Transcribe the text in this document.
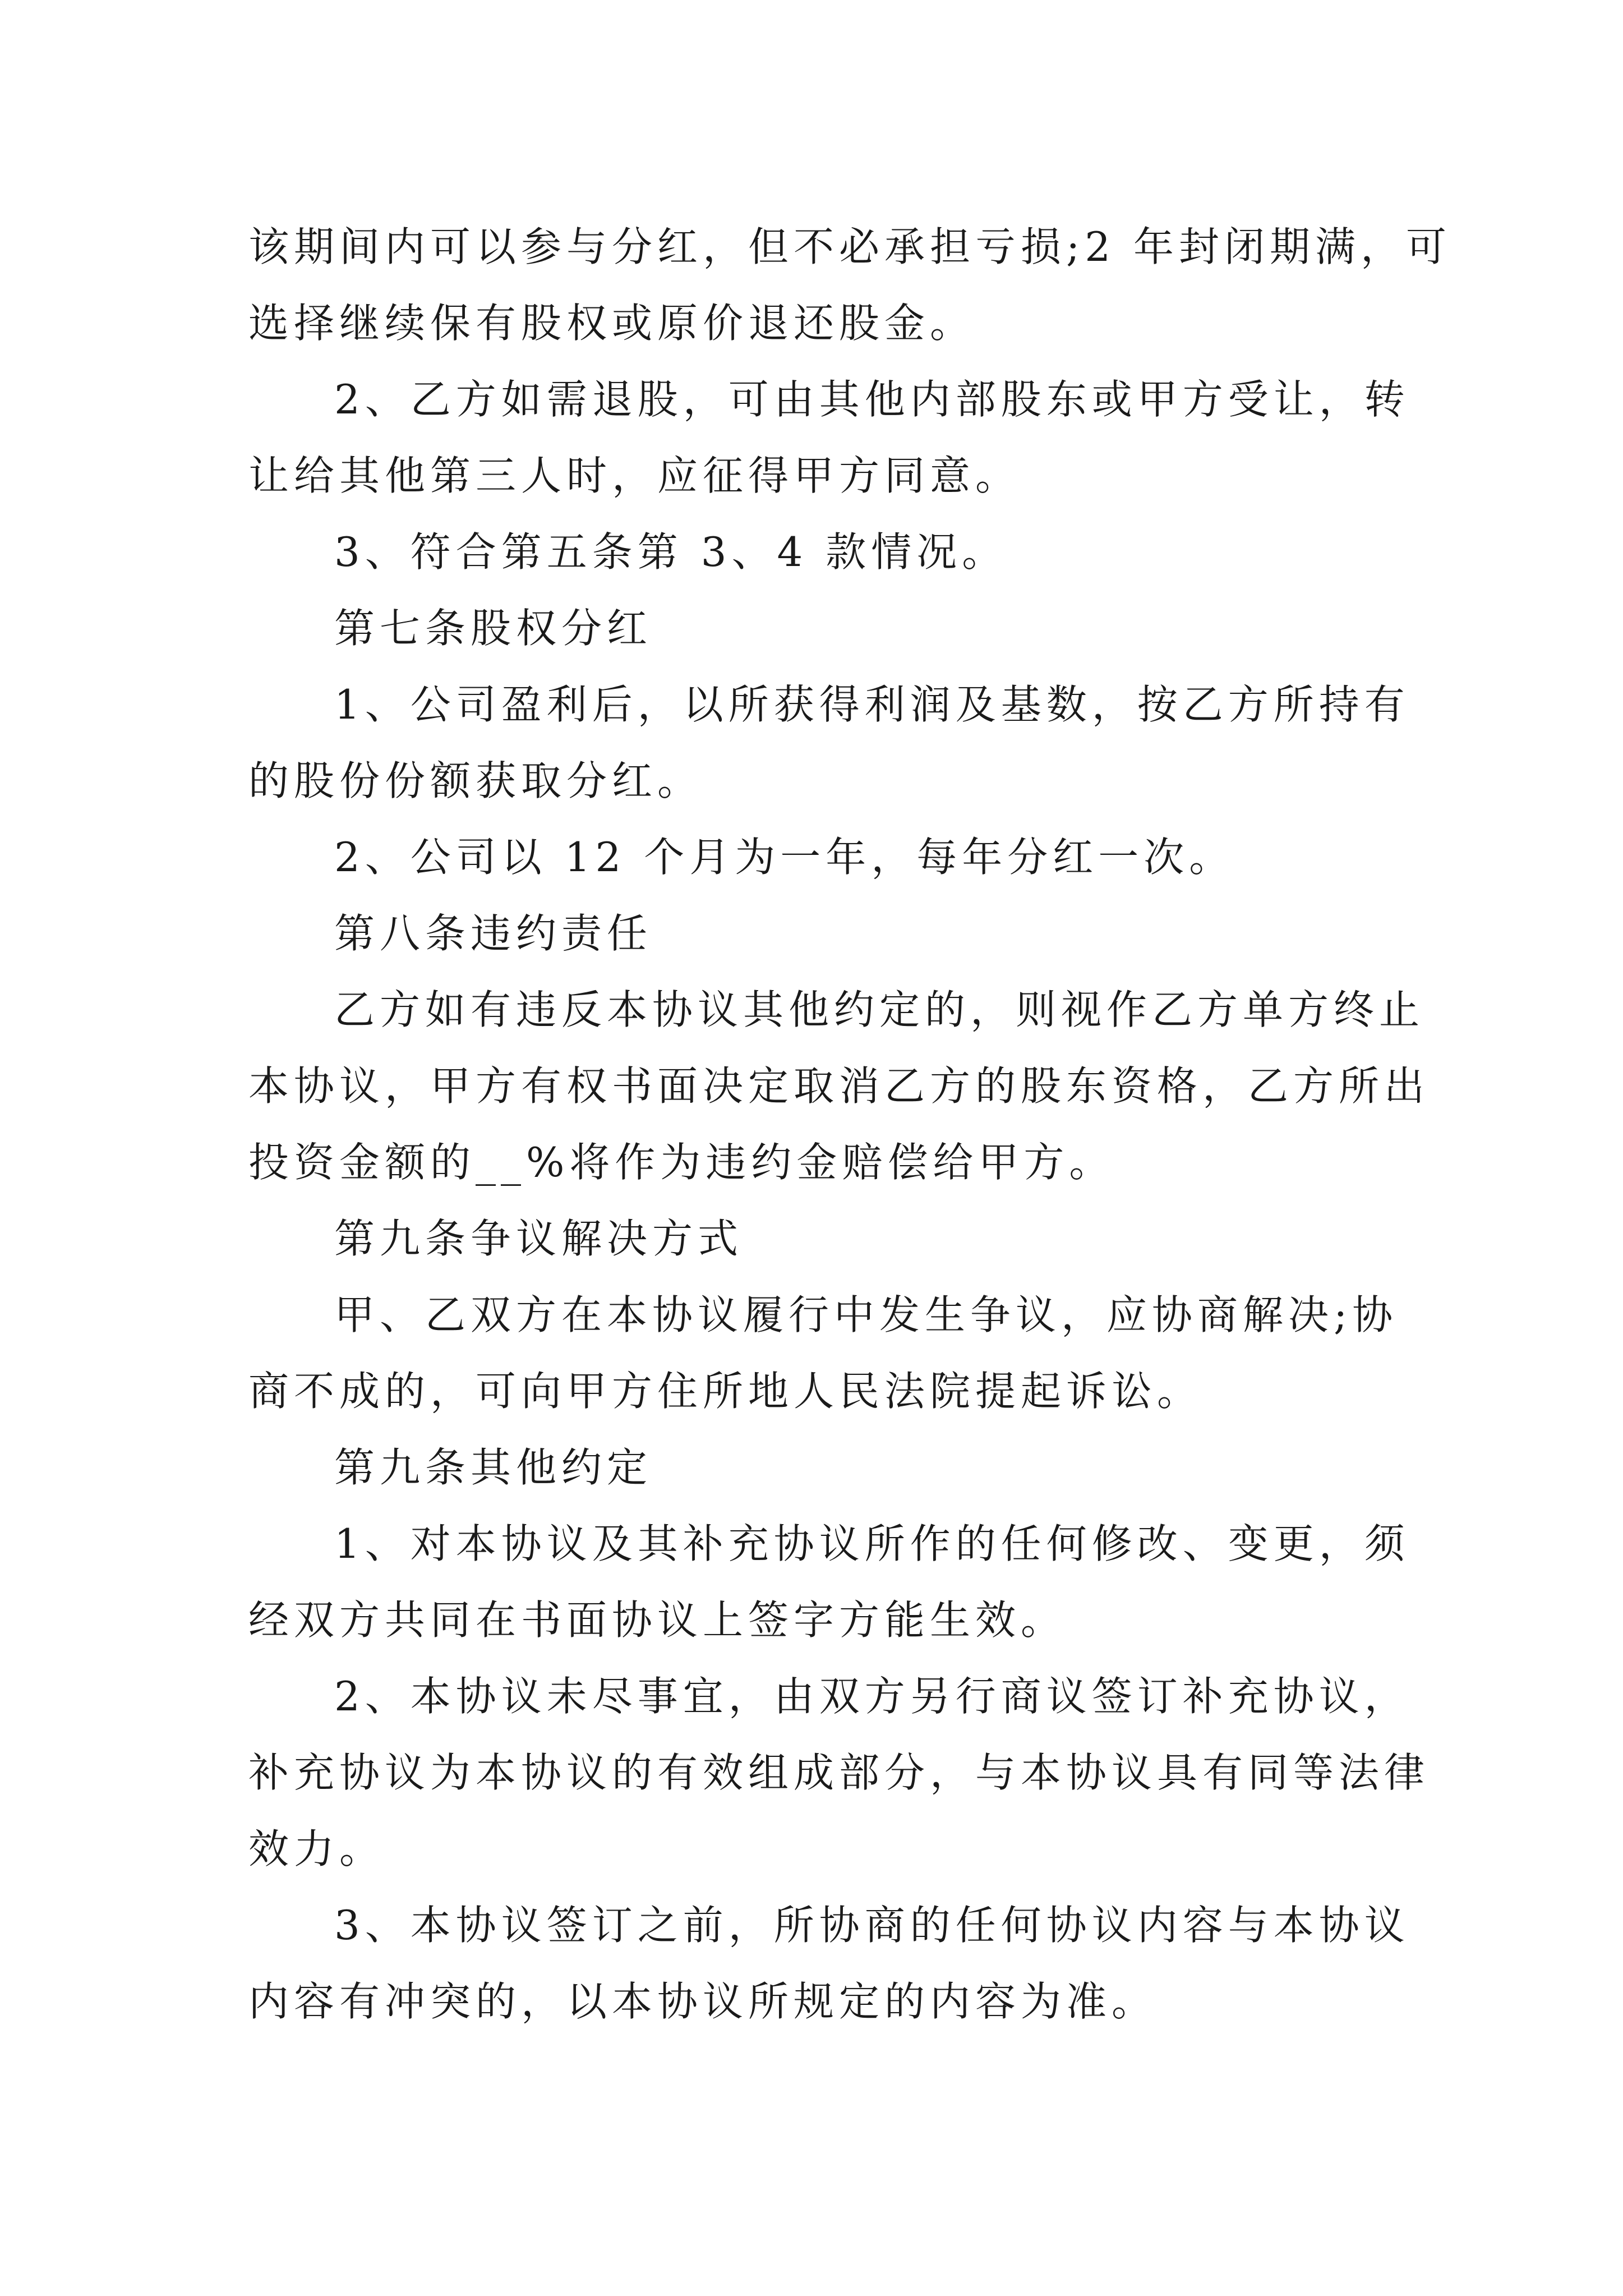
该期间内可以参与分红，但不必承担亏损;2 年封闭期满，可

选择继续保有股权或原价退还股金。

2、乙方如需退股，可由其他内部股东或甲方受让，转

让给其他第三人时，应征得甲方同意。

3、符合第五条第 3、4 款情况。

第七条股权分红

1、公司盈利后，以所获得利润及基数，按乙方所持有

的股份份额获取分红。

2、公司以 12 个月为一年，每年分红一次。

第八条违约责任

乙方如有违反本协议其他约定的，则视作乙方单方终止

本协议，甲方有权书面决定取消乙方的股东资格，乙方所出

投资金额的__%将作为违约金赔偿给甲方。

第九条争议解决方式

甲、乙双方在本协议履行中发生争议，应协商解决;协

商不成的，可向甲方住所地人民法院提起诉讼。

第九条其他约定

1、对本协议及其补充协议所作的任何修改、变更，须

经双方共同在书面协议上签字方能生效。

2、本协议未尽事宜，由双方另行商议签订补充协议，

补充协议为本协议的有效组成部分，与本协议具有同等法律

效力。

3、本协议签订之前，所协商的任何协议内容与本协议

内容有冲突的，以本协议所规定的内容为准。
